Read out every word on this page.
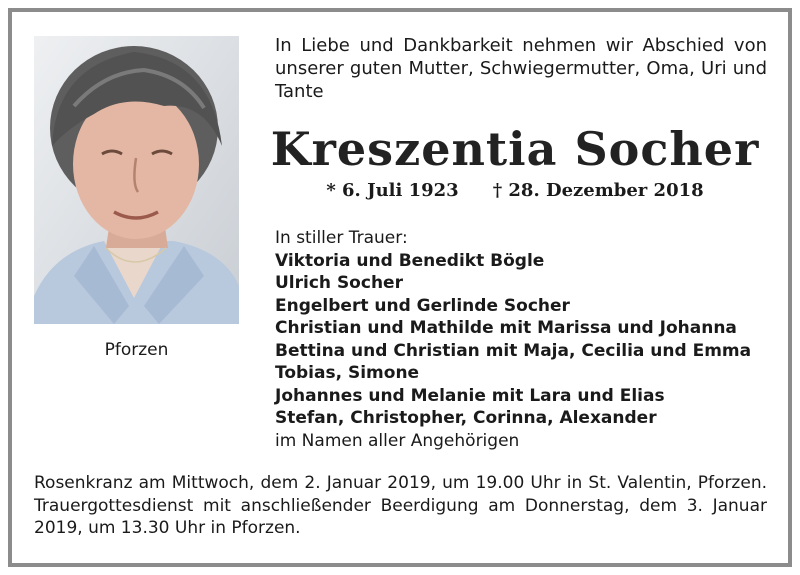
Pforzen
In Liebe und Dankbarkeit nehmen wir Abschied von unserer guten Mutter, Schwiegermutter, Oma, Uri und Tante
Kreszentia Socher
* 6. Juli 1923 † 28. Dezember 2018
In stiller Trauer:
Viktoria und Benedikt Bögle
Ulrich Socher
Engelbert und Gerlinde Socher
Christian und Mathilde mit Marissa und Johanna
Bettina und Christian mit Maja, Cecilia und Emma
Tobias, Simone
Johannes und Melanie mit Lara und Elias
Stefan, Christopher, Corinna, Alexander
im Namen aller Angehörigen
Rosenkranz am Mittwoch, dem 2. Januar 2019, um 19.00 Uhr in St. Valentin, Pforzen. Trauergottesdienst mit anschließender Beerdigung am Donnerstag, dem 3. Januar 2019, um 13.30 Uhr in Pforzen.
